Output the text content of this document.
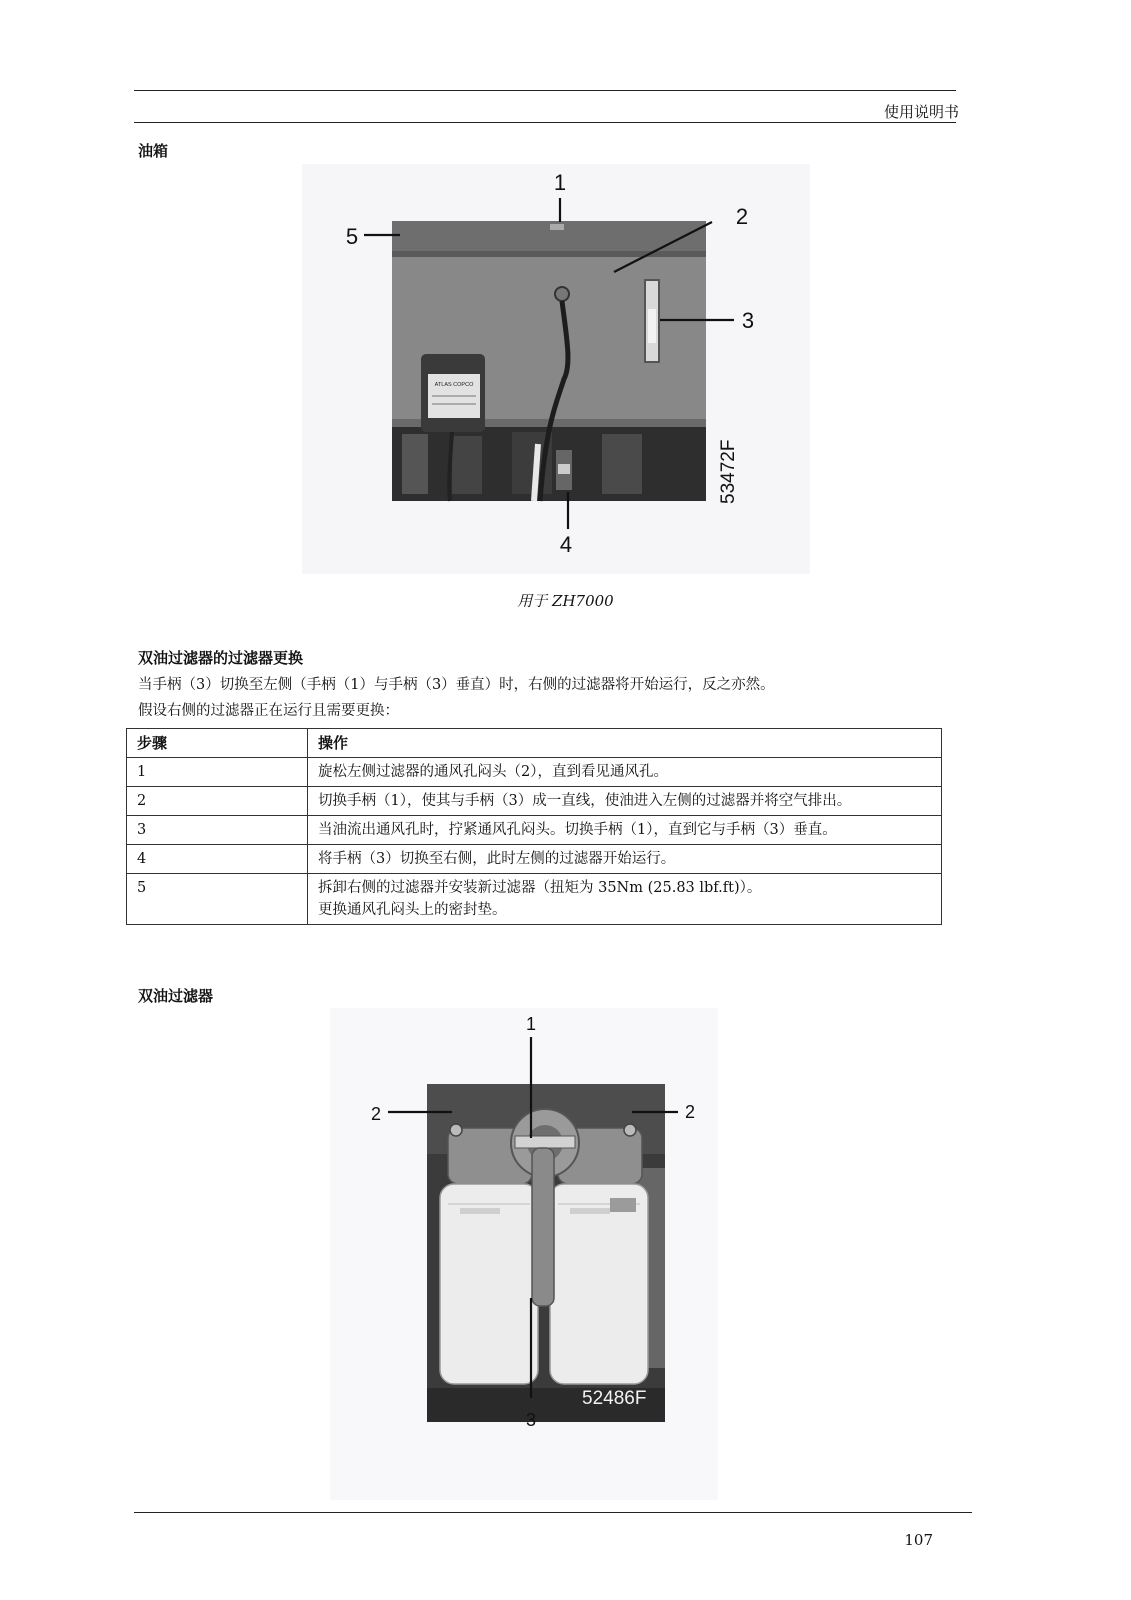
使用说明书
油箱
ATLAS COPCO
1
2
3
4
5
53472F
用于 ZH7000
双油过滤器的过滤器更换
当手柄（3）切换至左侧（手柄（1）与手柄（3）垂直）时，右侧的过滤器将开始运行，反之亦然。
假设右侧的过滤器正在运行且需要更换：
步骤	操作
1	旋松左侧过滤器的通风孔闷头（2），直到看见通风孔。
2	切换手柄（1），使其与手柄（3）成一直线，使油进入左侧的过滤器并将空气排出。
3	当油流出通风孔时，拧紧通风孔闷头。切换手柄（1），直到它与手柄（3）垂直。
4	将手柄（3）切换至右侧，此时左侧的过滤器开始运行。
5	拆卸右侧的过滤器并安装新过滤器（扭矩为 35Nm (25.83 lbf.ft)）。
更换通风孔闷头上的密封垫。
双油过滤器
1
2	2
3
52486F
107
